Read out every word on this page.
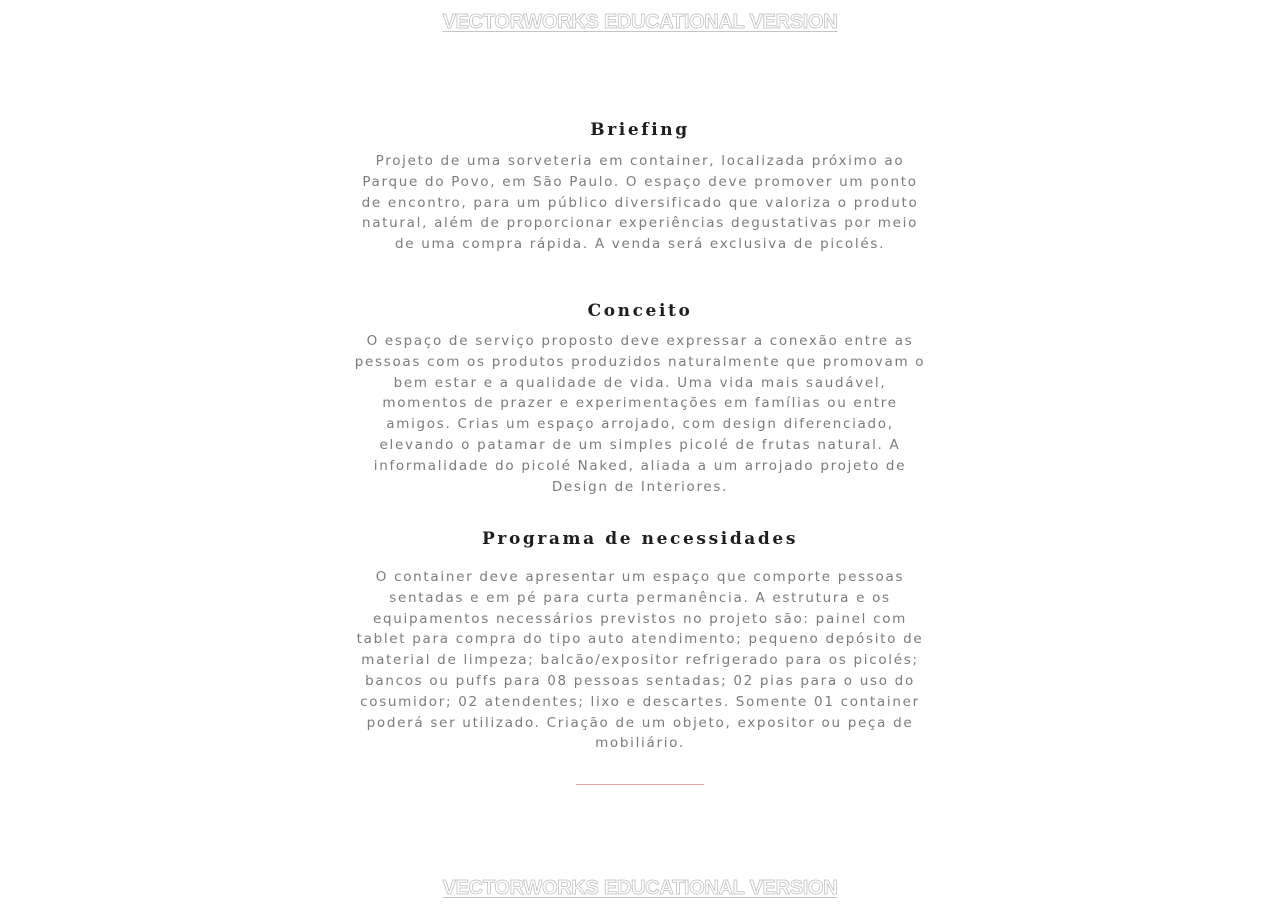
VECTORWORKS EDUCATIONAL VERSION
Briefing

Projeto de uma sorveteria em container, localizada próximo ao Parque do Povo, em São Paulo. O espaço deve promover um ponto de encontro, para um público diversificado que valoriza o produto natural, além de proporcionar experiências degustativas por meio de uma compra rápida. A venda será exclusiva de picolés.

Conceito

O espaço de serviço proposto deve expressar a conexão entre as pessoas com os produtos produzidos naturalmente que promovam o bem estar e a qualidade de vida. Uma vida mais saudável, momentos de prazer e experimentações em famílias ou entre amigos. Crias um espaço arrojado, com design diferenciado, elevando o patamar de um simples picolé de frutas natural. A informalidade do picolé Naked, aliada a um arrojado projeto de Design de Interiores.

Programa de necessidades

O container deve apresentar um espaço que comporte pessoas sentadas e em pé para curta permanência. A estrutura e os equipamentos necessários previstos no projeto são: painel com tablet para compra do tipo auto atendimento; pequeno depósito de material de limpeza; balcão/expositor refrigerado para os picolés; bancos ou puffs para 08 pessoas sentadas; 02 pias para o uso do cosumidor; 02 atendentes; lixo e descartes. Somente 01 container poderá ser utilizado. Criação de um objeto, expositor ou peça de mobiliário.

VECTORWORKS EDUCATIONAL VERSION
